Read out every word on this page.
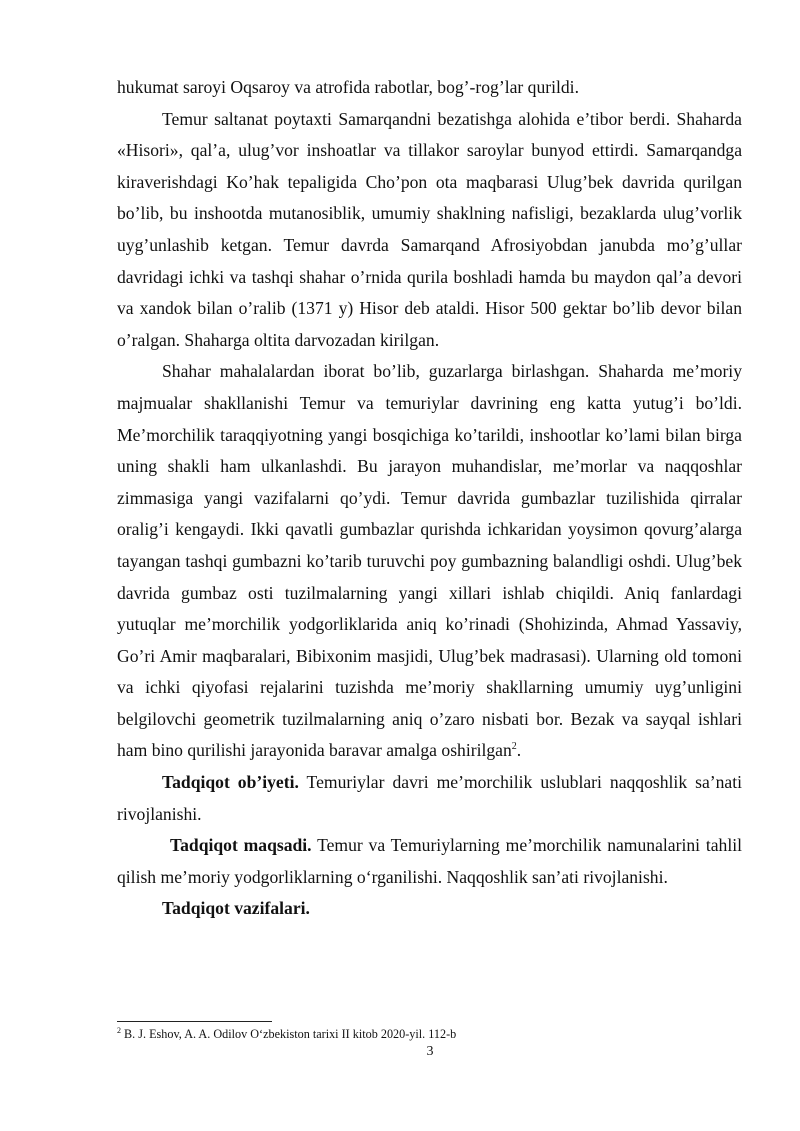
hukumat saroyi Oqsaroy va atrofida rabotlar, bog’-rog’lar qurildi.

Temur saltanat poytaxti Samarqandni bezatishga alohida e’tibor berdi. Shaharda «Hisori», qal’a, ulug’vor inshoatlar va tillakor saroylar bunyod ettirdi. Samarqandga kiraverishdagi Ko’hak tepaligida Cho’pon ota maqbarasi Ulug’bek davrida qurilgan bo’lib, bu inshootda mutanosiblik, umumiy shaklning nafisligi, bezaklarda ulug’vorlik uyg’unlashib ketgan. Temur davrda Samarqand Afrosiyobdan janubda mo’g’ullar davridagi ichki va tashqi shahar o’rnida qurila boshladi hamda bu maydon qal’a devori va xandok bilan o’ralib (1371 y) Hisor deb ataldi. Hisor 500 gektar bo’lib devor bilan o’ralgan. Shaharga oltita darvozadan kirilgan.

Shahar mahalalardan iborat bo’lib, guzarlarga birlashgan. Shaharda me’moriy majmualar shakllanishi Temur va temuriylar davrining eng katta yutug’i bo’ldi. Me’morchilik taraqqiyotning yangi bosqichiga ko’tarildi, inshootlar ko’lami bilan birga uning shakli ham ulkanlashdi. Bu jarayon muhandislar, me’morlar va naqqoshlar zimmasiga yangi vazifalarni qo’ydi. Temur davrida gumbazlar tuzilishida qirralar oralig’i kengaydi. Ikki qavatli gumbazlar qurishda ichkaridan yoysimon qovurg’alarga tayangan tashqi gumbazni ko’tarib turuvchi poy gumbazning balandligi oshdi. Ulug’bek davrida gumbaz osti tuzilmalarning yangi xillari ishlab chiqildi. Aniq fanlardagi yutuqlar me’morchilik yodgorliklarida aniq ko’rinadi (Shohizinda, Ahmad Yassaviy, Go’ri Amir maqbaralari, Bibixonim masjidi, Ulug’bek madrasasi). Ularning old tomoni va ichki qiyofasi rejalarini tuzishda me’moriy shakllarning umumiy uyg’unligini belgilovchi geometrik tuzilmalarning aniq o’zaro nisbati bor. Bezak va sayqal ishlari ham bino qurilishi jarayonida baravar amalga oshirilgan$^2$.

Tadqiqot ob’iyeti. Temuriylar davri me’morchilik uslublari naqqoshlik sa’nati rivojlanishi.

Tadqiqot maqsadi. Temur va Temuriylarning me’morchilik namunalarini tahlil qilish me’moriy yodgorliklarning o‘rganilishi. Naqqoshlik san’ati rivojlanishi.

Tadqiqot vazifalari.

$^2$ B. J. Eshov, A. A. Odilov O‘zbekiston tarixi II kitob 2020-yil. 112-b
3
